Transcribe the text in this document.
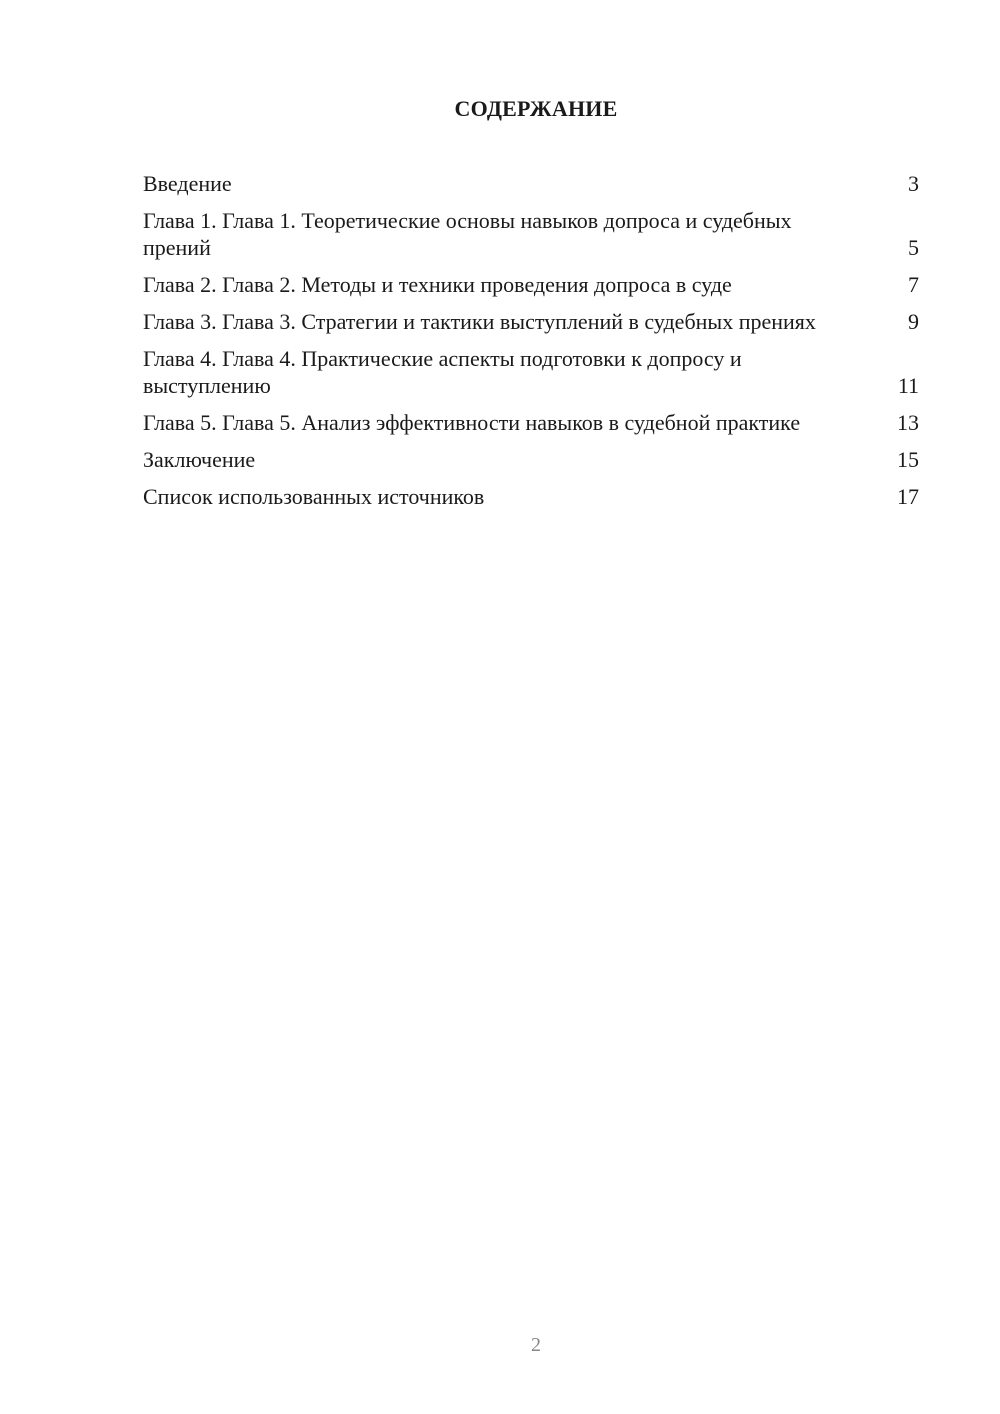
СОДЕРЖАНИЕ
Введение	3
Глава 1. Глава 1. Теоретические основы навыков допроса и судебных прений	5
Глава 2. Глава 2. Методы и техники проведения допроса в суде	7
Глава 3. Глава 3. Стратегии и тактики выступлений в судебных прениях	9
Глава 4. Глава 4. Практические аспекты подготовки к допросу и выступлению	11
Глава 5. Глава 5. Анализ эффективности навыков в судебной практике	13
Заключение	15
Список использованных источников	17
2
